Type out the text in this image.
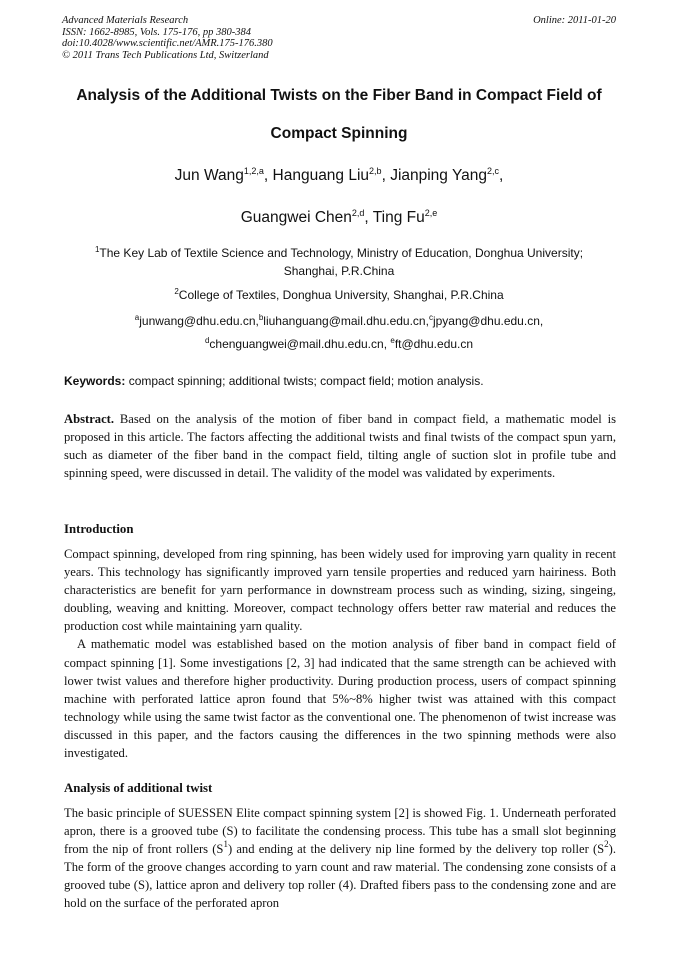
Advanced Materials Research
ISSN: 1662-8985, Vols. 175-176, pp 380-384
doi:10.4028/www.scientific.net/AMR.175-176.380
© 2011 Trans Tech Publications Ltd, Switzerland
Online: 2011-01-20
Analysis of the Additional Twists on the Fiber Band in Compact Field of
Compact Spinning
Jun Wang$^{1,2,a}$, Hanguang Liu$^{2,b}$, Jianping Yang$^{2,c}$,
Guangwei Chen$^{2,d}$, Ting Fu$^{2,e}$
$^1$The Key Lab of Textile Science and Technology, Ministry of Education, Donghua University;
Shanghai, P.R.China
$^2$College of Textiles, Donghua University, Shanghai, P.R.China
$^a$junwang@dhu.edu.cn,$^b$liuhanguang@mail.dhu.edu.cn,$^c$jpyang@dhu.edu.cn,
$^d$chenguangwei@mail.dhu.edu.cn, $^e$ft@dhu.edu.cn
Keywords: compact spinning; additional twists; compact field; motion analysis.

Abstract. Based on the analysis of the motion of fiber band in compact field, a mathematic model is proposed in this article. The factors affecting the additional twists and final twists of the compact spun yarn, such as diameter of the fiber band in the compact field, tilting angle of suction slot in profile tube and spinning speed, were discussed in detail. The validity of the model was validated by experiments.

Introduction

Compact spinning, developed from ring spinning, has been widely used for improving yarn quality in recent years. This technology has significantly improved yarn tensile properties and reduced yarn hairiness. Both characteristics are benefit for yarn performance in downstream process such as winding, sizing, singeing, doubling, weaving and knitting. Moreover, compact technology offers better raw material and reduces the production cost while maintaining yarn quality.

A mathematic model was established based on the motion analysis of fiber band in compact field of compact spinning [1]. Some investigations [2, 3] had indicated that the same strength can be achieved with lower twist values and therefore higher productivity. During production process, users of compact spinning machine with perforated lattice apron found that 5%~8% higher twist was attained with this compact technology while using the same twist factor as the conventional one. The phenomenon of twist increase was discussed in this paper, and the factors causing the differences in the two spinning methods were also investigated.

Analysis of additional twist

The basic principle of SUESSEN Elite compact spinning system [2] is showed Fig. 1. Underneath perforated apron, there is a grooved tube (S) to facilitate the condensing process. This tube has a small slot beginning from the nip of front rollers $(S^1)$ and ending at the delivery nip line formed by the delivery top roller $(S^2)$. The form of the groove changes according to yarn count and raw material. The condensing zone consists of a grooved tube (S), lattice apron and delivery top roller (4). Drafted fibers pass to the condensing zone and are hold on the surface of the perforated apron
